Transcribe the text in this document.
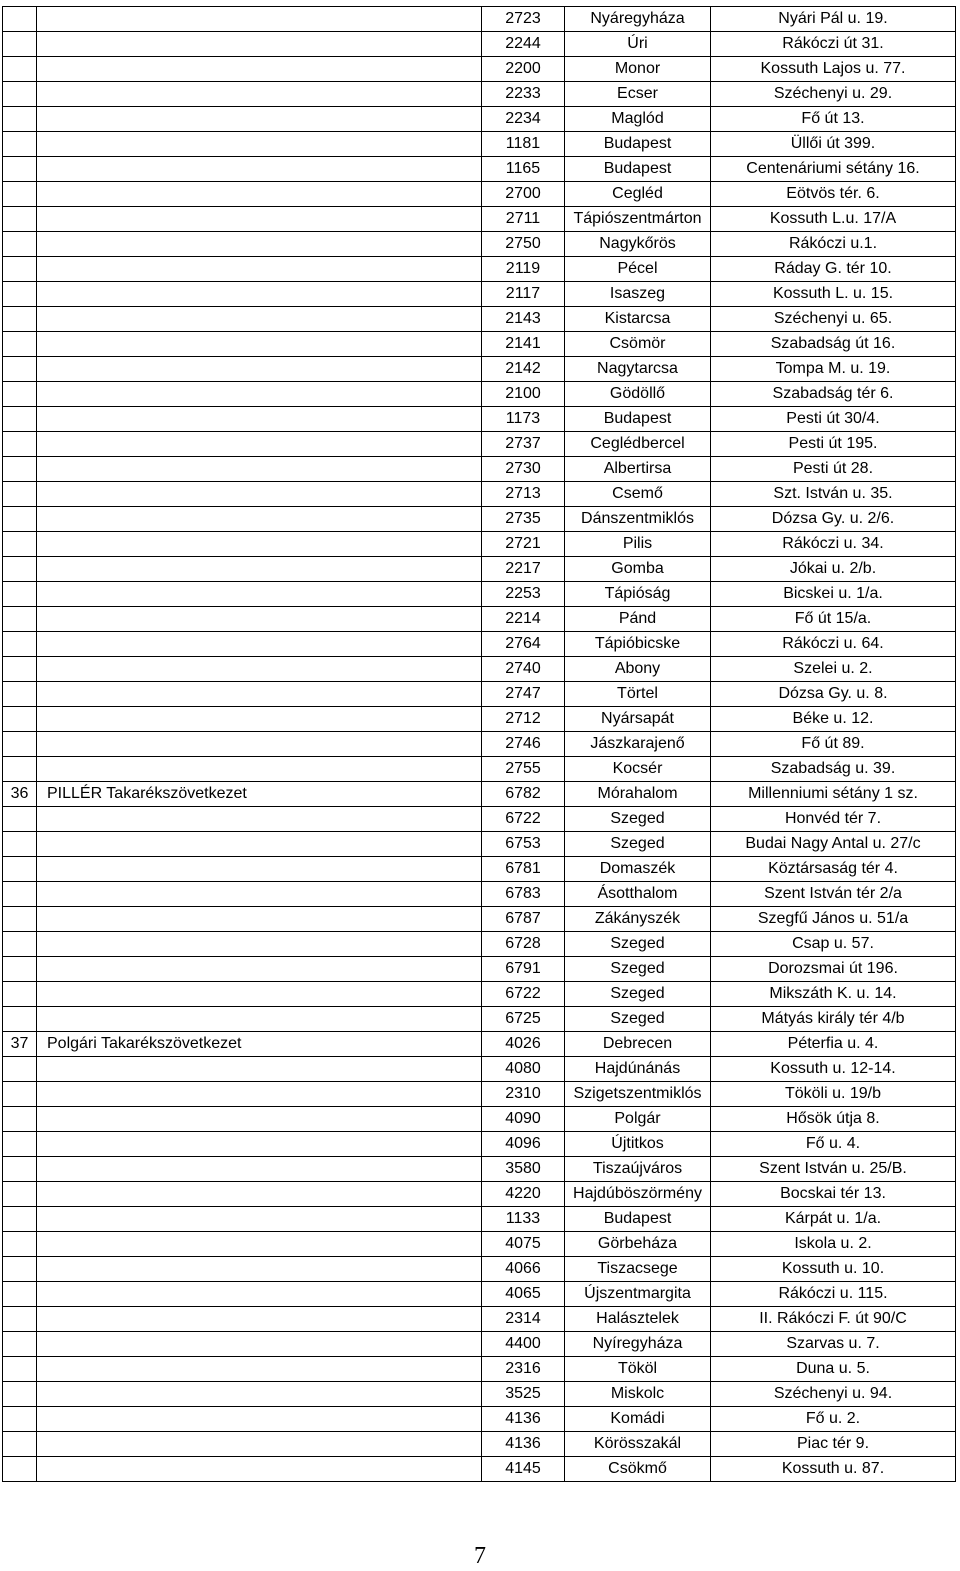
		2723	Nyáregyháza	Nyári Pál u. 19.
		2244	Úri	Rákóczi út 31.
		2200	Monor	Kossuth Lajos u. 77.
		2233	Ecser	Széchenyi u. 29.
		2234	Maglód	Fő út 13.
		1181	Budapest	Üllői út 399.
		1165	Budapest	Centenáriumi sétány 16.
		2700	Cegléd	Eötvös tér. 6.
		2711	Tápiószentmárton	Kossuth L.u. 17/A
		2750	Nagykőrös	Rákóczi u.1.
		2119	Pécel	Ráday G. tér 10.
		2117	Isaszeg	Kossuth L. u. 15.
		2143	Kistarcsa	Széchenyi u. 65.
		2141	Csömör	Szabadság út 16.
		2142	Nagytarcsa	Tompa M. u. 19.
		2100	Gödöllő	Szabadság tér 6.
		1173	Budapest	Pesti út 30/4.
		2737	Ceglédbercel	Pesti út 195.
		2730	Albertirsa	Pesti út 28.
		2713	Csemő	Szt. István u. 35.
		2735	Dánszentmiklós	Dózsa Gy. u. 2/6.
		2721	Pilis	Rákóczi u. 34.
		2217	Gomba	Jókai u. 2/b.
		2253	Tápióság	Bicskei u. 1/a.
		2214	Pánd	Fő út 15/a.
		2764	Tápióbicske	Rákóczi u. 64.
		2740	Abony	Szelei u. 2.
		2747	Törtel	Dózsa Gy. u. 8.
		2712	Nyársapát	Béke u. 12.
		2746	Jászkarajenő	Fő út 89.
		2755	Kocsér	Szabadság u. 39.
36	PILLÉR Takarékszövetkezet	6782	Mórahalom	Millenniumi sétány 1 sz.
		6722	Szeged	Honvéd tér 7.
		6753	Szeged	Budai Nagy Antal u. 27/c
		6781	Domaszék	Köztársaság tér 4.
		6783	Ásotthalom	Szent István tér 2/a
		6787	Zákányszék	Szegfű János u. 51/a
		6728	Szeged	Csap u. 57.
		6791	Szeged	Dorozsmai út 196.
		6722	Szeged	Mikszáth K. u. 14.
		6725	Szeged	Mátyás király tér 4/b
37	Polgári Takarékszövetkezet	4026	Debrecen	Péterfia u. 4.
		4080	Hajdúnánás	Kossuth u. 12-14.
		2310	Szigetszentmiklós	Tököli u. 19/b
		4090	Polgár	Hősök útja 8.
		4096	Újtitkos	Fő u. 4.
		3580	Tiszaújváros	Szent István u. 25/B.
		4220	Hajdúböszörmény	Bocskai tér 13.
		1133	Budapest	Kárpát u. 1/a.
		4075	Görbeháza	Iskola u. 2.
		4066	Tiszacsege	Kossuth u. 10.
		4065	Újszentmargita	Rákóczi u. 115.
		2314	Halásztelek	II. Rákóczi F. út 90/C
		4400	Nyíregyháza	Szarvas u. 7.
		2316	Tököl	Duna u. 5.
		3525	Miskolc	Széchenyi u. 94.
		4136	Komádi	Fő u. 2.
		4136	Körösszakál	Piac tér 9.
		4145	Csökmő	Kossuth u. 87.
7
